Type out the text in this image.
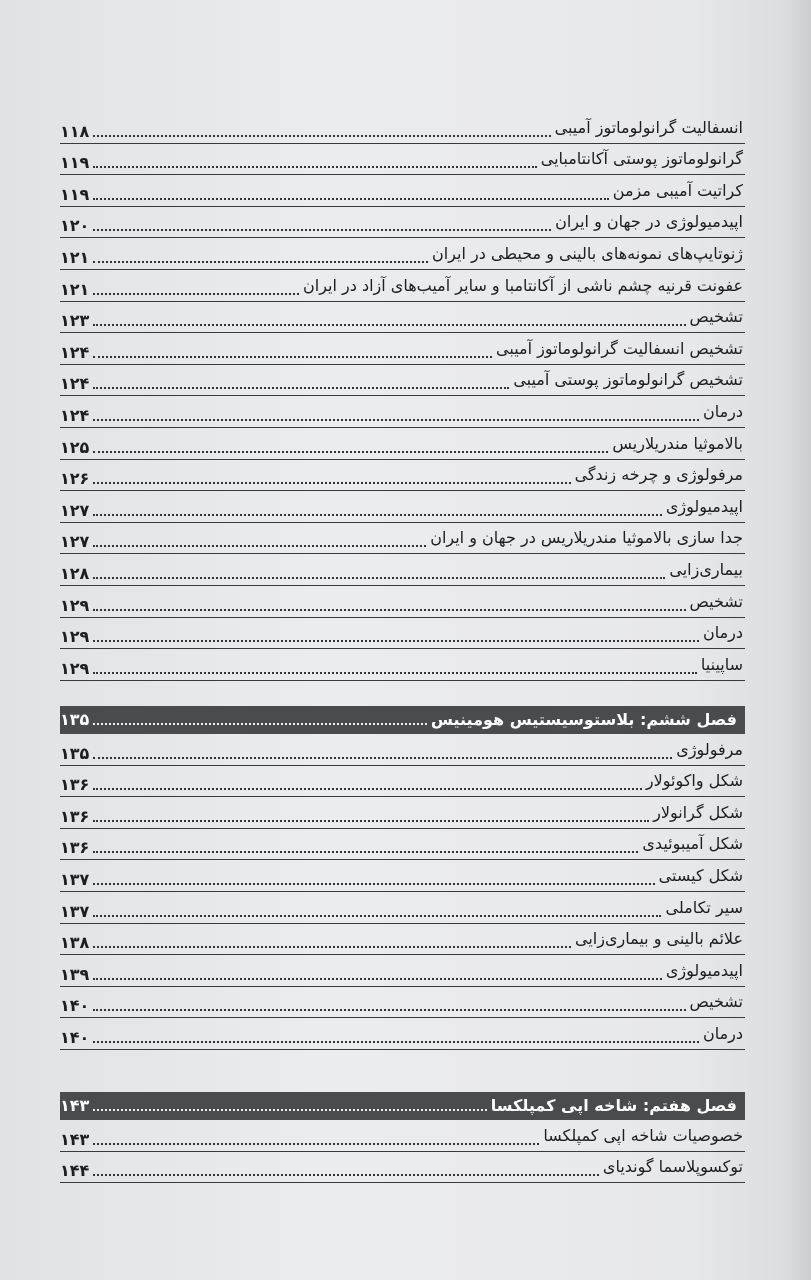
انسفالیت گرانولوماتوز آمیبی
۱۱۸
گرانولوماتوز پوستی آکانتامبایی
۱۱۹
کراتیت آمیبی مزمن
۱۱۹
اپیدمیولوژی در جهان و ایران
۱۲۰
ژنوتایپ‌های نمونه‌های بالینی و محیطی در ایران
۱۲۱
عفونت قرنیه چشم ناشی از آکانتامبا و سایر آمیب‌های آزاد در ایران
۱۲۱
تشخیص
۱۲۳
تشخیص انسفالیت گرانولوماتوز آمیبی
۱۲۴
تشخیص گرانولوماتوز پوستی آمیبی
۱۲۴
درمان
۱۲۴
بالاموثیا مندریلاریس
۱۲۵
مرفولوژی و چرخه زندگی
۱۲۶
اپیدمیولوژی
۱۲۷
جدا سازی بالاموثیا مندریلاریس در جهان و ایران
۱۲۷
بیماری‌زایی
۱۲۸
تشخیص
۱۲۹
درمان
۱۲۹
ساپینیا
۱۲۹
فصل ششم: بلاستوسیستیس هومینیس
۱۳۵
مرفولوژی
۱۳۵
شکل واکوئولار
۱۳۶
شکل گرانولار
۱۳۶
شکل آمیبوئیدی
۱۳۶
شکل کیستی
۱۳۷
سیر تکاملی
۱۳۷
علائم بالینی و بیماری‌زایی
۱۳۸
اپیدمیولوژی
۱۳۹
تشخیص
۱۴۰
درمان
۱۴۰
فصل هفتم: شاخه اپی کمپلکسا
۱۴۳
خصوصیات شاخه اپی کمپلکسا
۱۴۳
توکسوپلاسما گوندیای
۱۴۴
